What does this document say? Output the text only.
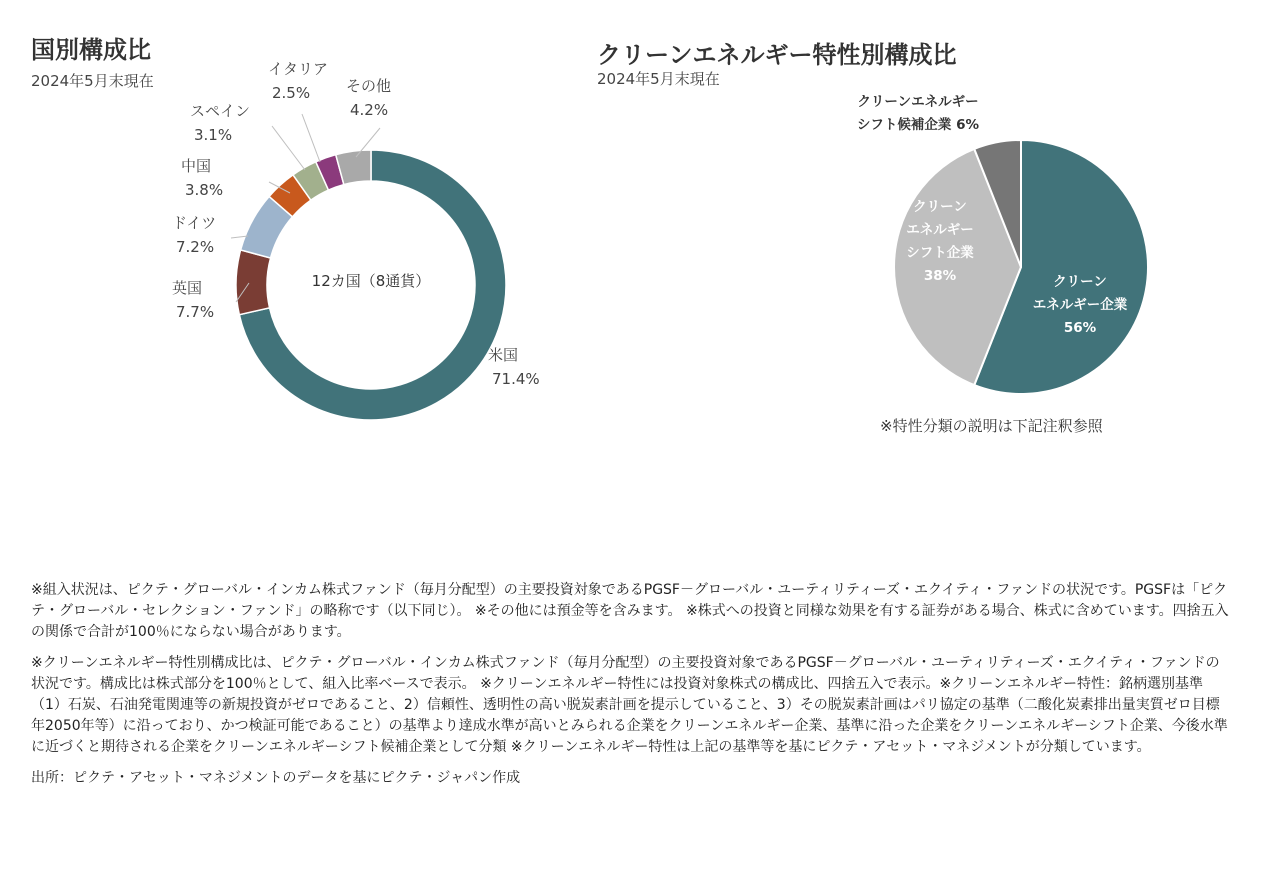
国別構成比
2024年5月末現在
クリーンエネルギー特性別構成比
2024年5月末現在
米国
71.4%
英国
7.7%
ドイツ
7.2%
中国
3.8%
スペイン
3.1%
イタリア
2.5% その他
4.2%
12カ国（8通貨）	クリーン
エネルギー企業
56%
クリーン
エネルギー
シフト企業
38%
クリーンエネルギー
シフト候補企業 6%
※特性分類の説明は下記注釈参照

※組入状況は、ピクテ・グローバル・インカム株式ファンド（毎月分配型）の主要投資対象であるPGSF－グローバル・ユーティリティーズ・エクイティ・ファンドの状況です。PGSFは「ピクテ・グローバル・セレクション・ファンド」の略称です（以下同じ）。 ※その他には預金等を含みます。 ※株式への投資と同様な効果を有する証券がある場合、株式に含めています。四捨五入の関係で合計が100％にならない場合があります。

※クリーンエネルギー特性別構成比は、ピクテ・グローバル・インカム株式ファンド（毎月分配型）の主要投資対象であるPGSF－グローバル・ユーティリティーズ・エクイティ・ファンドの状況です。構成比は株式部分を100％として、組入比率ベースで表示。 ※クリーンエネルギー特性には投資対象株式の構成比、四捨五入で表示。※クリーンエネルギー特性：銘柄選別基準（1）石炭、石油発電関連等の新規投資がゼロであること、2）信頼性、透明性の高い脱炭素計画を提示していること、3）その脱炭素計画はパリ協定の基準（二酸化炭素排出量実質ゼロ目標年2050年等）に沿っており、かつ検証可能であること）の基準より達成水準が高いとみられる企業をクリーンエネルギー企業、基準に沿った企業をクリーンエネルギーシフト企業、今後水準に近づくと期待される企業をクリーンエネルギーシフト候補企業として分類 ※クリーンエネルギー特性は上記の基準等を基にピクテ・アセット・マネジメントが分類しています。

出所：ピクテ・アセット・マネジメントのデータを基にピクテ・ジャパン作成
